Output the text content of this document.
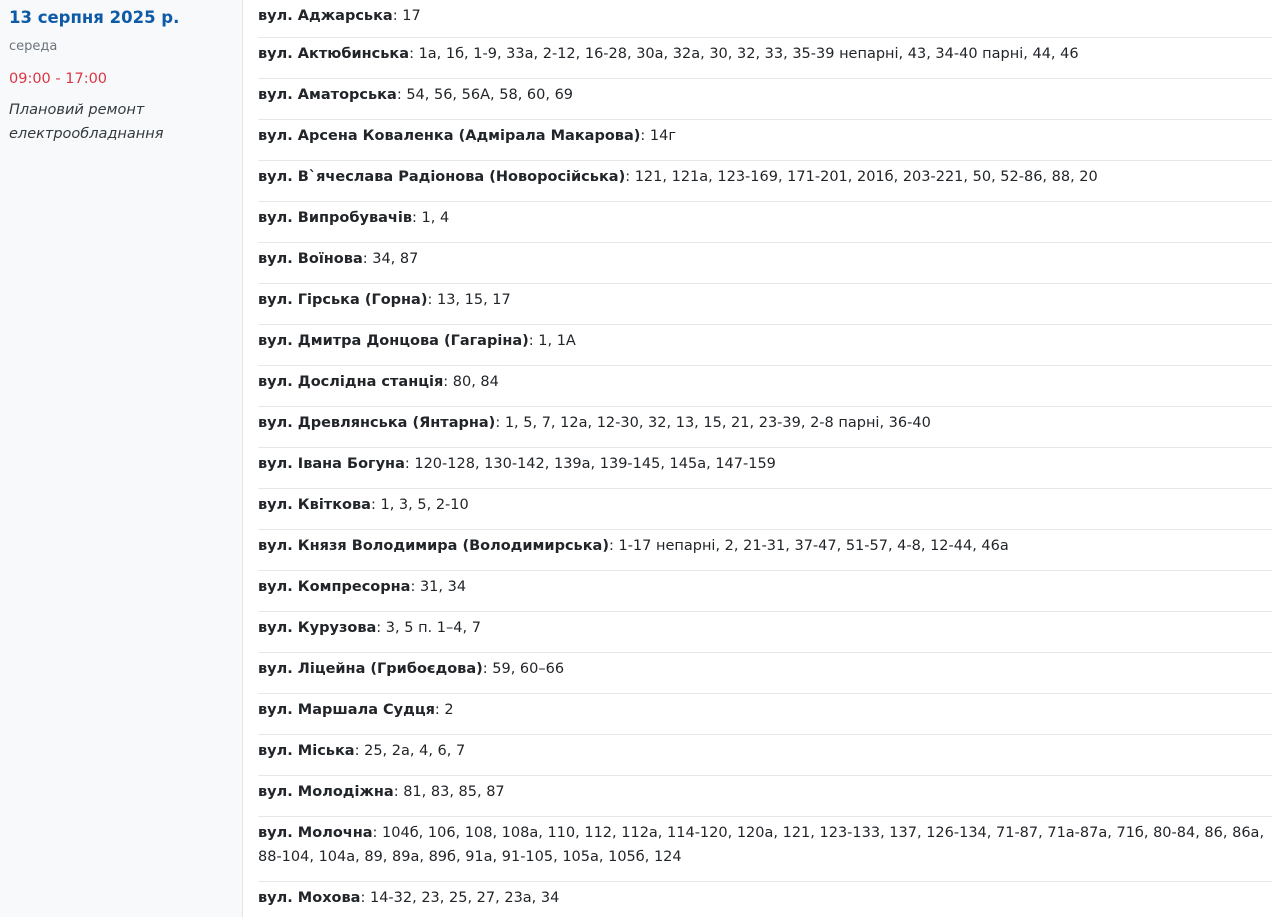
13 серпня 2025 р.
середа
09:00 - 17:00
Плановий ремонт електрообладнання
вул. Аджарська: 17
вул. Актюбинська: 1а, 1б, 1-9, 33а, 2-12, 16-28, 30а, 32а, 30, 32, 33, 35-39 непарні, 43, 34-40 парні, 44, 46
вул. Аматорська: 54, 56, 56А, 58, 60, 69
вул. Арсена Коваленка (Адмірала Макарова): 14г
вул. В`ячеслава Радіонова (Новоросійська): 121, 121а, 123-169, 171-201, 201б, 203-221, 50, 52-86, 88, 20
вул. Випробувачів: 1, 4
вул. Воїнова: 34, 87
вул. Гірська (Горна): 13, 15, 17
вул. Дмитра Донцова (Гагаріна): 1, 1А
вул. Дослідна станція: 80, 84
вул. Древлянська (Янтарна): 1, 5, 7, 12а, 12-30, 32, 13, 15, 21, 23-39, 2-8 парні, 36-40
вул. Івана Богуна: 120-128, 130-142, 139а, 139-145, 145а, 147-159
вул. Квіткова: 1, 3, 5, 2-10
вул. Князя Володимира (Володимирська): 1-17 непарні, 2, 21-31, 37-47, 51-57, 4-8, 12-44, 46а
вул. Компресорна: 31, 34
вул. Курузова: 3, 5 п. 1–4, 7
вул. Ліцейна (Грибоєдова): 59, 60–66
вул. Маршала Судця: 2
вул. Міська: 25, 2а, 4, 6, 7
вул. Молодіжна: 81, 83, 85, 87
вул. Молочна: 104б, 106, 108, 108а, 110, 112, 112а, 114-120, 120а, 121, 123-133, 137, 126-134, 71-87, 71а-87а, 71б, 80-84, 86, 86а, 88-104, 104а, 89, 89а, 89б, 91а, 91-105, 105а, 105б, 124
вул. Мохова: 14-32, 23, 25, 27, 23а, 34
